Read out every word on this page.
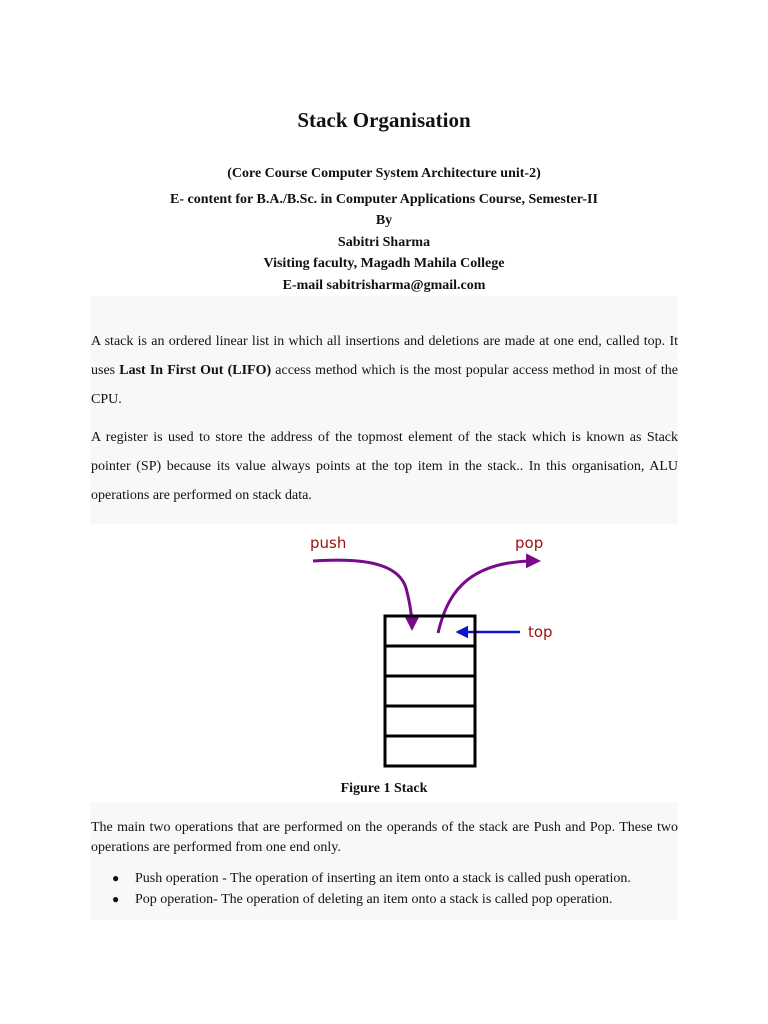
Stack Organisation
(Core Course Computer System Architecture unit-2)
E- content for B.A./B.Sc. in Computer Applications Course, Semester-II
By
Sabitri Sharma
Visiting faculty, Magadh Mahila College
E-mail sabitrisharma@gmail.com
A stack is an ordered linear list in which all insertions and deletions are made at one end, called top. It uses Last In First Out (LIFO) access method which is the most popular access method in most of the CPU.
A register is used to store the address of the topmost element of the stack which is known as Stack pointer (SP) because its value always points at the top item in the stack.. In this organisation, ALU operations are performed on stack data.
push	pop
top
Figure 1 Stack
The main two operations that are performed on the operands of the stack are Push and Pop. These two operations are performed from one end only.
● Push operation - The operation of inserting an item onto a stack is called push operation.
● Pop operation- The operation of deleting an item onto a stack is called pop operation.
